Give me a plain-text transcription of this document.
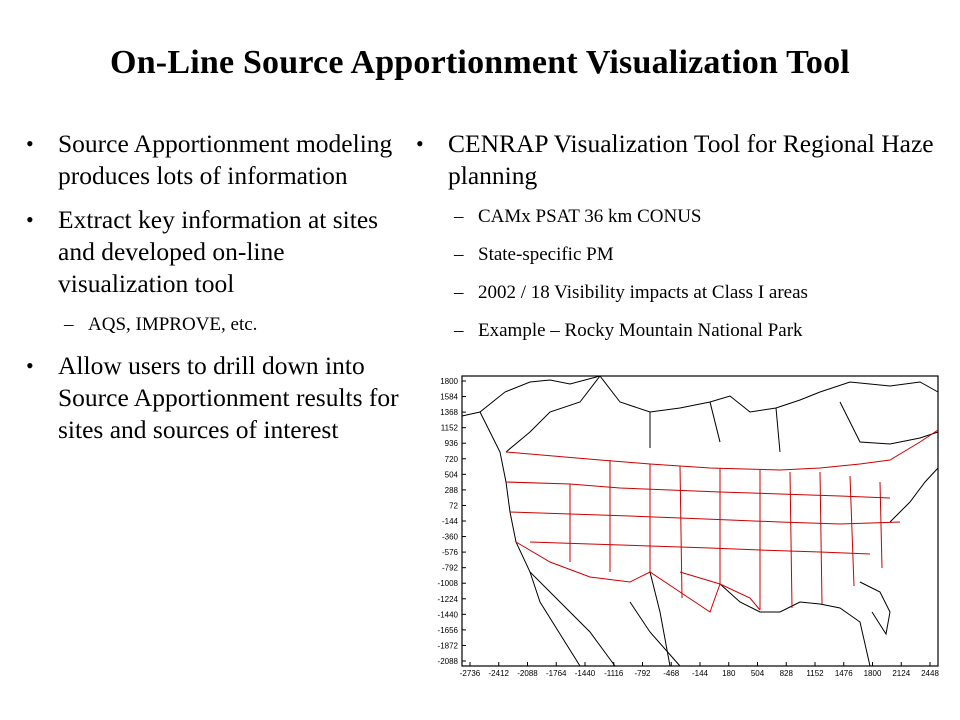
On-Line Source Apportionment Visualization Tool
• Source Apportionment modeling produces lots of information
• Extract key information at sites and developed on-line visualization tool
– AQS, IMPROVE, etc.
• Allow users to drill down into Source Apportionment results for sites and sources of interest
• CENRAP Visualization Tool for Regional Haze planning
– CAMx PSAT 36 km CONUS
– State-specific PM
– 2002 / 18 Visibility impacts at Class I areas
– Example – Rocky Mountain National Park
1800
1584
1368
1152
936
720
504
288
72
-144
-360
-576
-792
-1008
-1224
-1440
-1656
-1872
-2088
-2736 -2412 -2088 -1764 -1440 -1116 -792 -468 -144 180 504 828 1152 1476 1800 2124 2448
